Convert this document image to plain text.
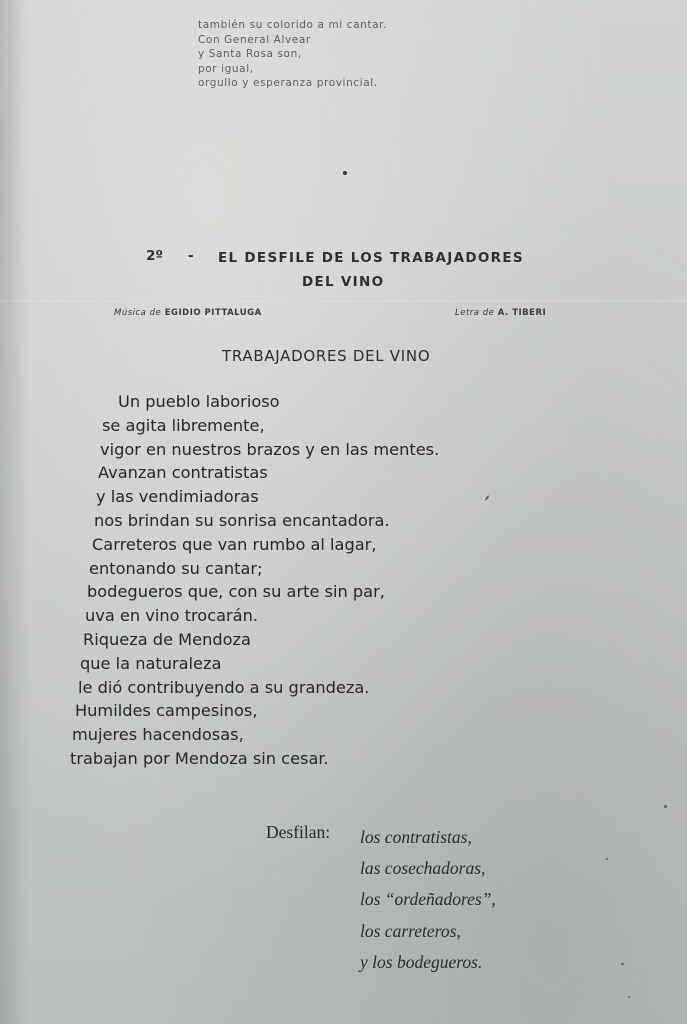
también su colorido a mi cantar.
Con General Alvear
y Santa Rosa son,
por igual,
orgullo y esperanza provincial.
2º - EL DESFILE DE LOS TRABAJADORES
DEL VINO
Música de EGIDIO PITTALUGA	Letra de A. TIBERI
TRABAJADORES DEL VINO
Un pueblo laborioso
se agita libremente,
vigor en nuestros brazos y en las mentes.
Avanzan contratistas
y las vendimiadoras
nos brindan su sonrisa encantadora.
Carreteros que van rumbo al lagar,
entonando su cantar;
bodegueros que, con su arte sin par,
uva en vino trocarán.
Riqueza de Mendoza
que la naturaleza
le dió contribuyendo a su grandeza.
Humildes campesinos,
mujeres hacendosas,
trabajan por Mendoza sin cesar.
Desfilan: los contratistas,
las cosechadoras,
los “ordeñadores”,
los carreteros,
y los bodegueros.
